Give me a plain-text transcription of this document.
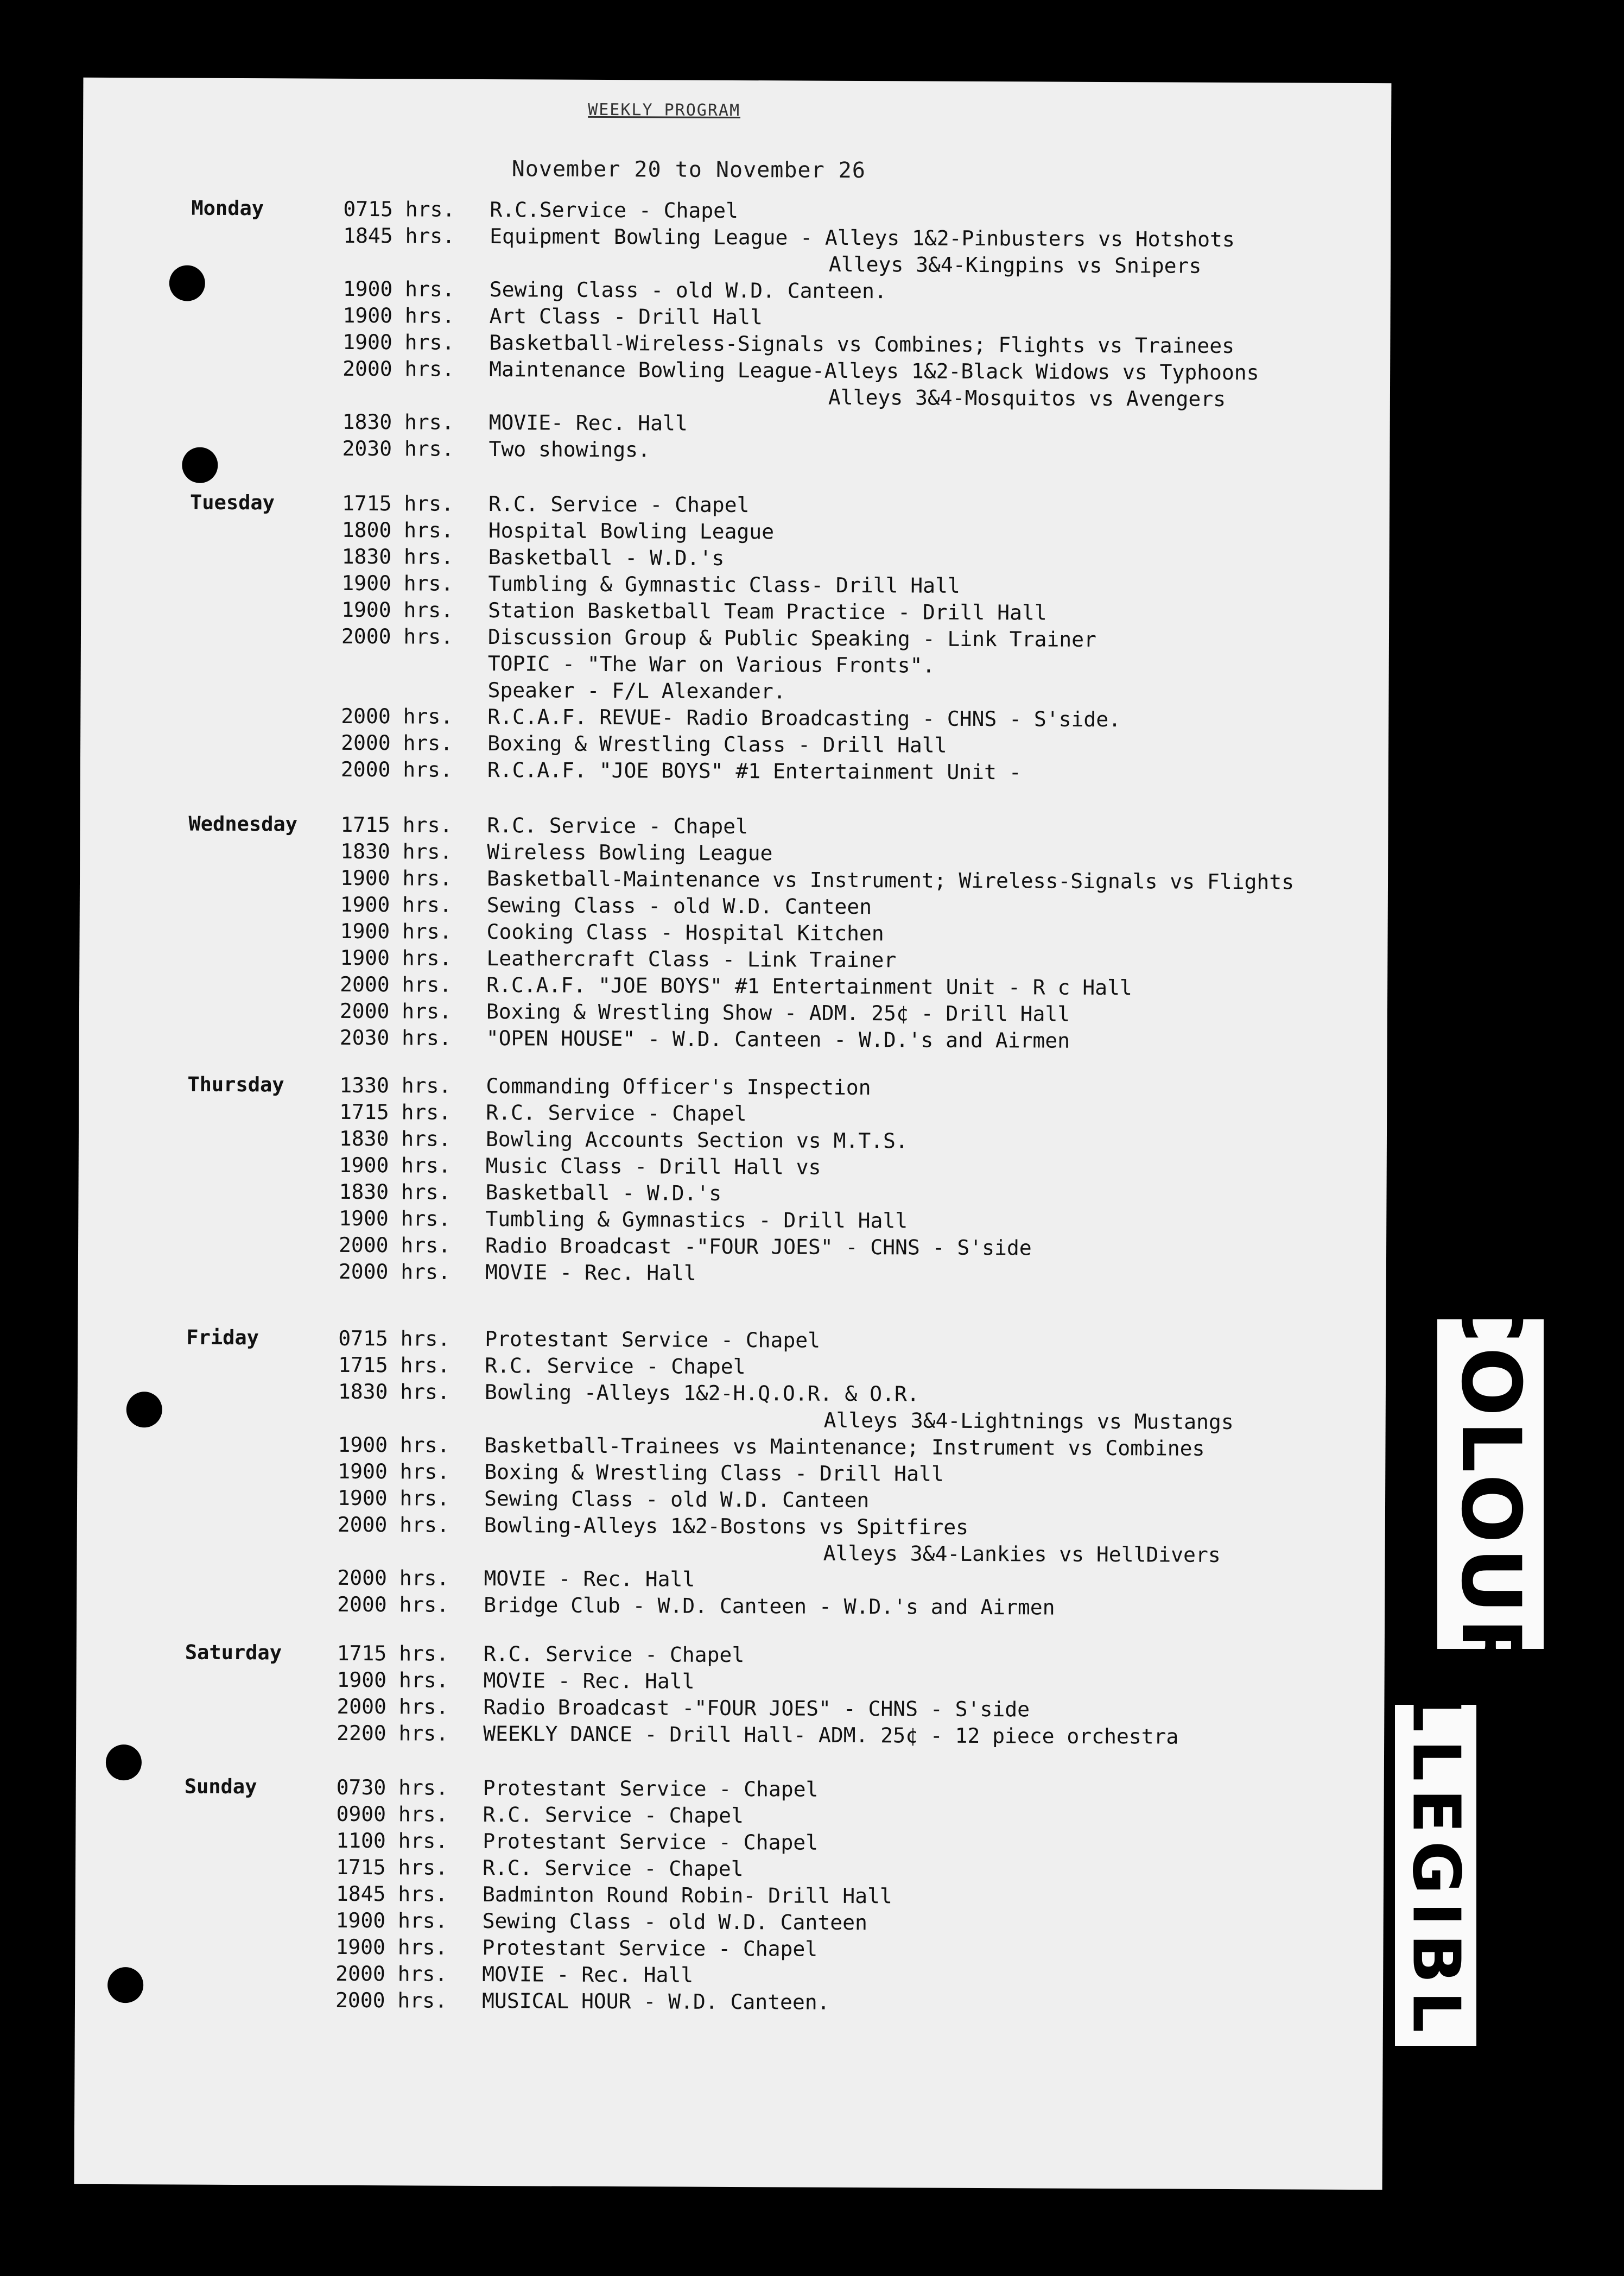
WEEKLY PROGRAM
November 20 to November 26
Monday	0715 hrs.	R.C.Service - Chapel
1845 hrs.	Equipment Bowling League - Alleys 1&2-Pinbusters vs Hotshots
Alleys 3&4-Kingpins vs Snipers
1900 hrs.	Sewing Class - old W.D. Canteen.
1900 hrs.	Art Class - Drill Hall
1900 hrs.	Basketball-Wireless-Signals vs Combines; Flights vs Trainees
2000 hrs.	Maintenance Bowling League-Alleys 1&2-Black Widows vs Typhoons
Alleys 3&4-Mosquitos vs Avengers
1830 hrs.	MOVIE- Rec. Hall
2030 hrs.	Two showings.
Tuesday	1715 hrs.	R.C. Service - Chapel
1800 hrs.	Hospital Bowling League
1830 hrs.	Basketball - W.D.'s
1900 hrs.	Tumbling & Gymnastic Class- Drill Hall
1900 hrs.	Station Basketball Team Practice - Drill Hall
2000 hrs.	Discussion Group & Public Speaking - Link Trainer
TOPIC - "The War on Various Fronts".
Speaker - F/L Alexander.
2000 hrs.	R.C.A.F. REVUE- Radio Broadcasting - CHNS - S'side.
2000 hrs.	Boxing & Wrestling Class - Drill Hall
2000 hrs.	R.C.A.F. "JOE BOYS" #1 Entertainment Unit -
Wednesday	1715 hrs.	R.C. Service - Chapel
1830 hrs.	Wireless Bowling League
1900 hrs.	Basketball-Maintenance vs Instrument; Wireless-Signals vs Flights
1900 hrs.	Sewing Class - old W.D. Canteen
1900 hrs.	Cooking Class - Hospital Kitchen
1900 hrs.	Leathercraft Class - Link Trainer
2000 hrs.	R.C.A.F. "JOE BOYS" #1 Entertainment Unit - R c Hall
2000 hrs.	Boxing & Wrestling Show - ADM. 25¢ - Drill Hall
2030 hrs.	"OPEN HOUSE" - W.D. Canteen - W.D.'s and Airmen
Thursday	1330 hrs.	Commanding Officer's Inspection
1715 hrs.	R.C. Service - Chapel
1830 hrs.	Bowling Accounts Section vs M.T.S.
1900 hrs.	Music Class - Drill Hall vs
1830 hrs.	Basketball - W.D.'s
1900 hrs.	Tumbling & Gymnastics - Drill Hall
2000 hrs.	Radio Broadcast -"FOUR JOES" - CHNS - S'side
2000 hrs.	MOVIE - Rec. Hall
Friday	0715 hrs.	Protestant Service - Chapel
1715 hrs.	R.C. Service - Chapel
1830 hrs.	Bowling -Alleys 1&2-H.Q.O.R. & O.R.
Alleys 3&4-Lightnings vs Mustangs
1900 hrs.	Basketball-Trainees vs Maintenance; Instrument vs Combines
1900 hrs.	Boxing & Wrestling Class - Drill Hall
1900 hrs.	Sewing Class - old W.D. Canteen
2000 hrs.	Bowling-Alleys 1&2-Bostons vs Spitfires
Alleys 3&4-Lankies vs HellDivers
2000 hrs.	MOVIE - Rec. Hall
2000 hrs.	Bridge Club - W.D. Canteen - W.D.'s and Airmen
Saturday	1715 hrs.	R.C. Service - Chapel
1900 hrs.	MOVIE - Rec. Hall
2000 hrs.	Radio Broadcast -"FOUR JOES" - CHNS - S'side
2200 hrs.	WEEKLY DANCE - Drill Hall- ADM. 25¢ - 12 piece orchestra
Sunday	0730 hrs.	Protestant Service - Chapel
0900 hrs.	R.C. Service - Chapel
1100 hrs.	Protestant Service - Chapel
1715 hrs.	R.C. Service - Chapel
1845 hrs.	Badminton Round Robin- Drill Hall
1900 hrs.	Sewing Class - old W.D. Canteen
1900 hrs.	Protestant Service - Chapel
2000 hrs.	MOVIE - Rec. Hall
2000 hrs.	MUSICAL HOUR - W.D. Canteen.
COLOUR
ILLEGIBLE
